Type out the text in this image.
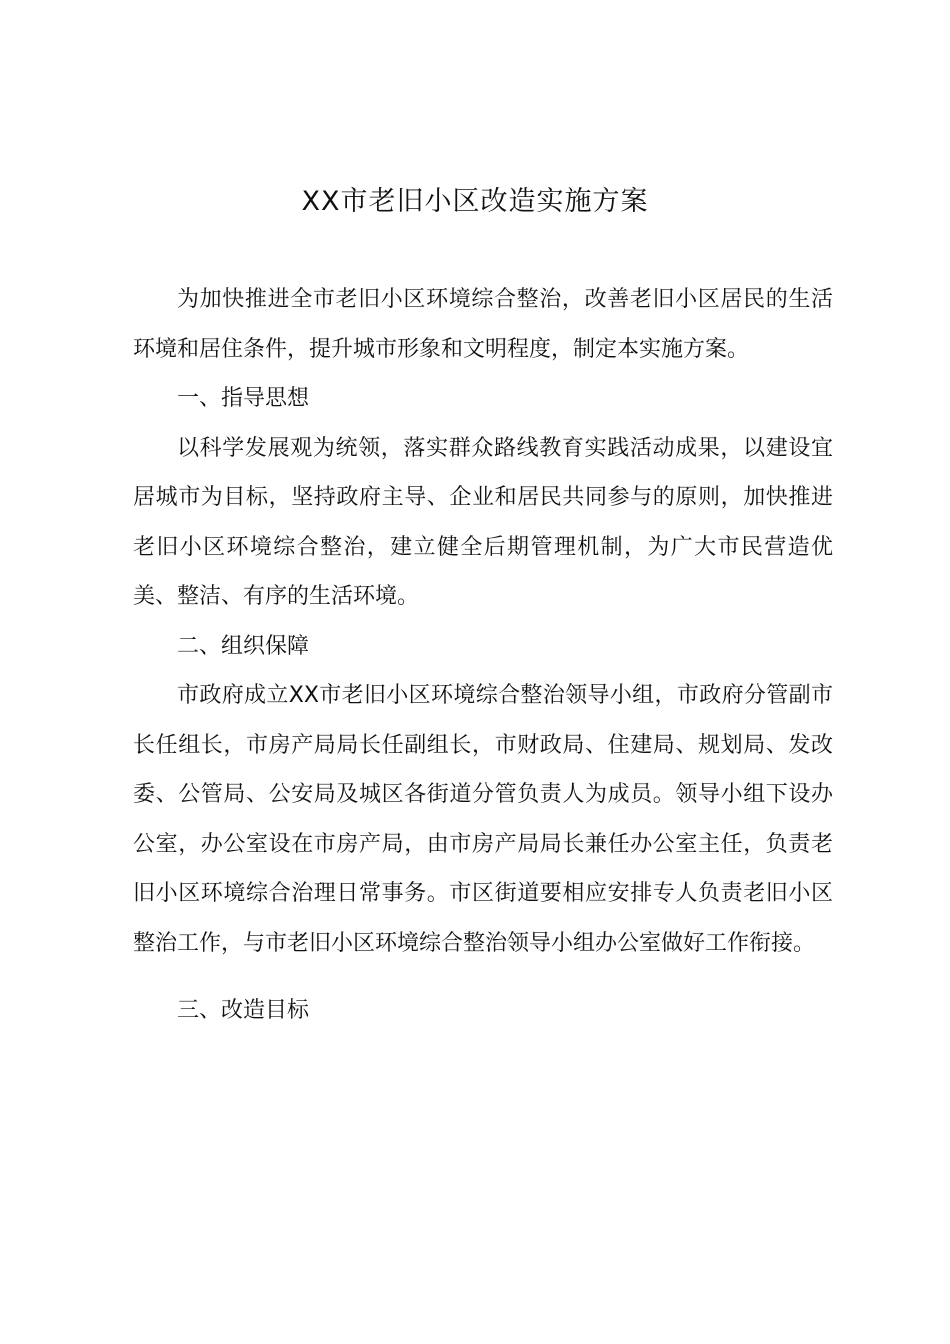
XX市老旧小区改造实施方案

为加快推进全市老旧小区环境综合整治，改善老旧小区居民的生活环境和居住条件，提升城市形象和文明程度，制定本实施方案。

一、指导思想

以科学发展观为统领，落实群众路线教育实践活动成果，以建设宜居城市为目标，坚持政府主导、企业和居民共同参与的原则，加快推进老旧小区环境综合整治，建立健全后期管理机制，为广大市民营造优美、整洁、有序的生活环境。

二、组织保障

市政府成立XX市老旧小区环境综合整治领导小组，市政府分管副市长任组长，市房产局局长任副组长，市财政局、住建局、规划局、发改委、公管局、公安局及城区各街道分管负责人为成员。领导小组下设办公室，办公室设在市房产局，由市房产局局长兼任办公室主任，负责老旧小区环境综合治理日常事务。市区街道要相应安排专人负责老旧小区整治工作，与市老旧小区环境综合整治领导小组办公室做好工作衔接。

三、改造目标
